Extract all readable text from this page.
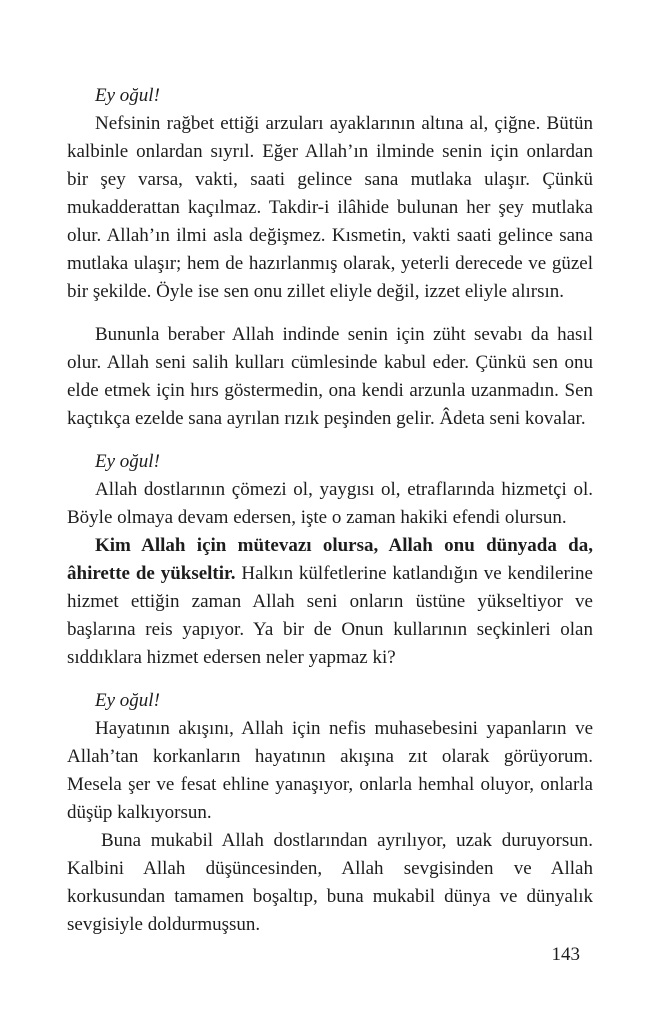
Ey oğul!

Nefsinin rağbet ettiği arzuları ayaklarının altına al, çiğne. Bütün kalbinle onlardan sıyrıl. Eğer Allah’ın ilminde senin için onlardan bir şey varsa, vakti, saati gelince sana mutlaka ulaşır. Çünkü mukadderattan kaçılmaz. Takdir-i ilâhide bulunan her şey mutlaka olur. Allah’ın ilmi asla değişmez. Kısmetin, vakti saati gelince sana mutlaka ulaşır; hem de hazırlanmış olarak, yeterli derecede ve güzel bir şekilde. Öyle ise sen onu zillet eliyle değil, izzet eliyle alırsın.

Bununla beraber Allah indinde senin için züht sevabı da hasıl olur. Allah seni salih kulları cümlesinde kabul eder. Çünkü sen onu elde etmek için hırs göstermedin, ona kendi arzunla uzanmadın. Sen kaçtıkça ezelde sana ayrılan rızık peşinden gelir. Âdeta seni kovalar.

Ey oğul!

Allah dostlarının çömezi ol, yaygısı ol, etraflarında hizmetçi ol. Böyle olmaya devam edersen, işte o zaman hakiki efendi olursun.

Kim Allah için mütevazı olursa, Allah onu dünyada da, âhirette de yükseltir. Halkın külfetlerine katlandığın ve kendilerine hizmet ettiğin zaman Allah seni onların üstüne yükseltiyor ve başlarına reis yapıyor. Ya bir de Onun kullarının seçkinleri olan sıddıklara hizmet edersen neler yapmaz ki?

Ey oğul!

Hayatının akışını, Allah için nefis muhasebesini yapanların ve Allah’tan korkanların hayatının akışına zıt olarak görüyorum. Mesela şer ve fesat ehline yanaşıyor, onlarla hemhal oluyor, onlarla düşüp kalkıyorsun.

Buna mukabil Allah dostlarından ayrılıyor, uzak duruyorsun. Kalbini Allah düşüncesinden, Allah sevgisinden ve Allah korkusundan tamamen boşaltıp, buna mukabil dünya ve dünyalık sevgisiyle doldurmuşsun.

143
